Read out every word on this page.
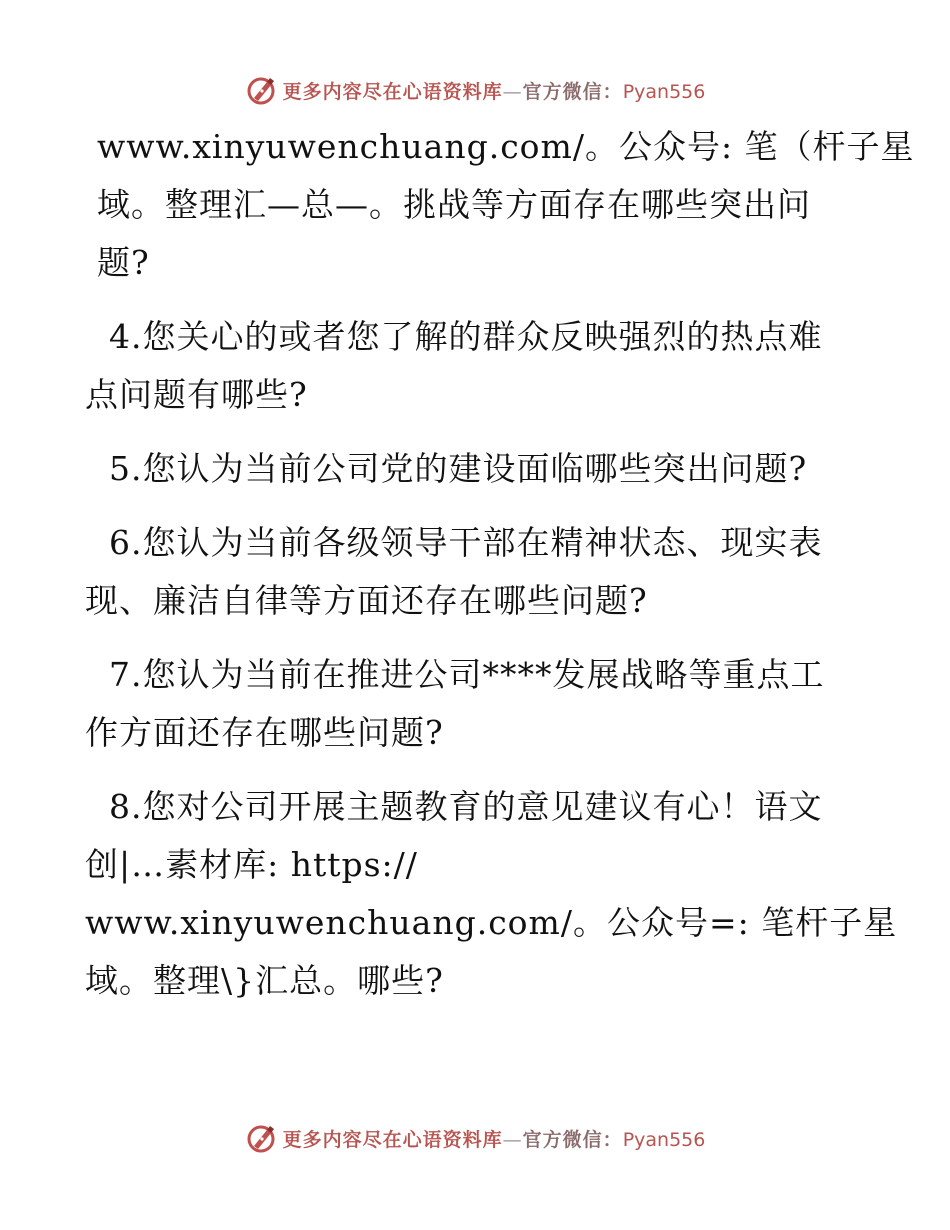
更多内容尽在心语资料库—官方微信：Pyan556

www.xinyuwenchuang.com/。公众号: 笔（杆子星
域。整理汇—总—。挑战等方面存在哪些突出问
题?

4.您关心的或者您了解的群众反映强烈的热点难
点问题有哪些?

5.您认为当前公司党的建设面临哪些突出问题?

6.您认为当前各级领导干部在精神状态、现实表
现、廉洁自律等方面还存在哪些问题?

7.您认为当前在推进公司****发展战略等重点工
作方面还存在哪些问题?

8.您对公司开展主题教育的意见建议有心！语文
创|…素材库: https://
www.xinyuwenchuang.com/。公众号=: 笔杆子星
域。整理\}汇总。哪些?

更多内容尽在心语资料库—官方微信：Pyan556
